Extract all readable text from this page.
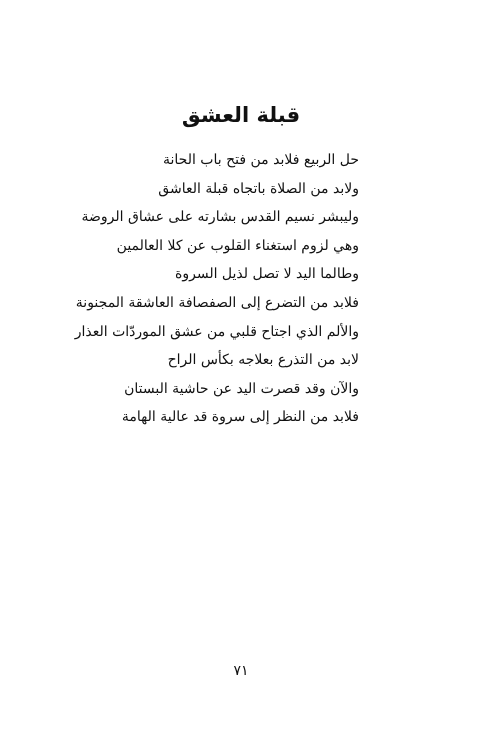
قبلة العشق
حل الربيع فلابد من فتح باب الحانة
ولابد من الصلاة باتجاه قبلة العاشق
وليبشر نسيم القدس بشارته على عشاق الروضة
وهي لزوم استغناء القلوب عن كلا العالمين
وطالما اليد لا تصل لذيل السروة
فلابد من التضرع إلى الصفصافة العاشقة المجنونة
والألم الذي اجتاح قلبي من عشق الموردّات العذار
لابد من التذرع بعلاجه بكأس الراح
والآن وقد قصرت اليد عن حاشية البستان
فلابد من النظر إلى سروة قد عالية الهامة
٧١
